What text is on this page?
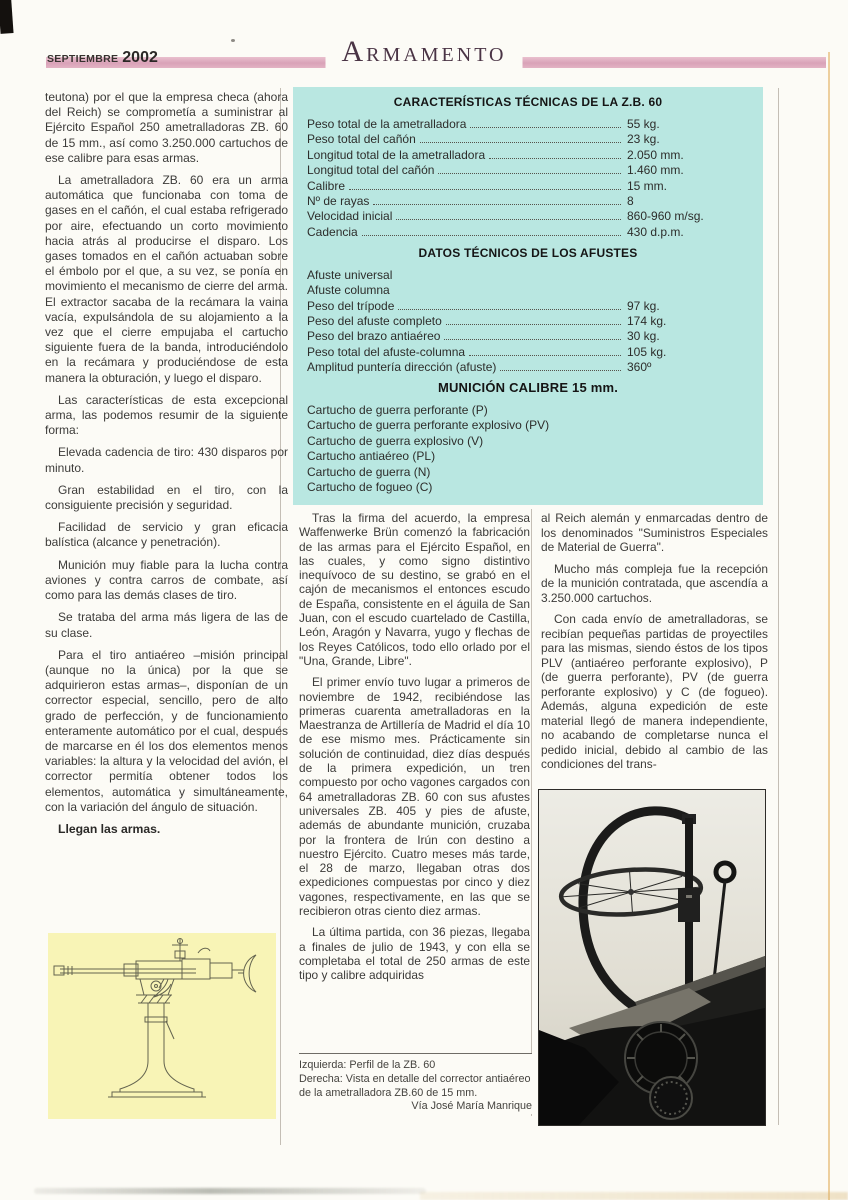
SEPTIEMBRE 2002	ARMAMENTO
CARACTERÍSTICAS TÉCNICAS DE LA Z.B. 60
Peso total de la ametralladora	55 kg.
Peso total del cañón	23 kg.
Longitud total de la ametralladora	2.050 mm.
Longitud total del cañón	1.460 mm.
Calibre	15 mm.
Nº de rayas	8
Velocidad inicial	860-960 m/sg.
Cadencia	430 d.p.m.
DATOS TÉCNICOS DE LOS AFUSTES
Afuste universal
Afuste columna
Peso del trípode	97 kg.
Peso del afuste completo	174 kg.
Peso del brazo antiaéreo	30 kg.
Peso total del afuste-columna	105 kg.
Amplitud puntería dirección (afuste)	360º
MUNICIÓN CALIBRE 15 mm.
Cartucho de guerra perforante (P)
Cartucho de guerra perforante explosivo (PV)
Cartucho de guerra explosivo (V)
Cartucho antiaéreo (PL)
Cartucho de guerra (N)
Cartucho de fogueo (C)

teutona) por el que la empresa checa (ahora del Reich) se comprometía a suministrar al Ejército Español 250 ametralladoras ZB. 60 de 15 mm., así como 3.250.000 cartuchos de ese calibre para esas armas.

La ametralladora ZB. 60 era un arma automática que funcionaba con toma de gases en el cañón, el cual estaba refrigerado por aire, efectuando un corto movimiento hacia atrás al producirse el disparo. Los gases tomados en el cañón actuaban sobre el émbolo por el que, a su vez, se ponía en movimiento el mecanismo de cierre del arma. El extractor sacaba de la recámara la vaina vacía, expulsándola de su alojamiento a la vez que el cierre empujaba el cartucho siguiente fuera de la banda, introduciéndolo en la recámara y produciéndose de esta manera la obturación, y luego el disparo.

Las características de esta excepcional arma, las podemos resumir de la siguiente forma:

Elevada cadencia de tiro: 430 disparos por minuto.

Gran estabilidad en el tiro, con la consiguiente precisión y seguridad.

Facilidad de servicio y gran eficacia balística (alcance y penetración).

Munición muy fiable para la lucha contra aviones y contra carros de combate, así como para las demás clases de tiro.

Se trataba del arma más ligera de las de su clase.

Para el tiro antiaéreo –misión principal (aunque no la única) por la que se adquirieron estas armas–, disponían de un corrector especial, sencillo, pero de alto grado de perfección, y de funcionamiento enteramente automático por el cual, después de marcarse en él los dos elementos menos variables: la altura y la velocidad del avión, el corrector permitía obtener todos los elementos, automática y simultáneamente, con la variación del ángulo de situación.

Llegan las armas.

Tras la firma del acuerdo, la empresa Waffenwerke Brün comenzó la fabricación de las armas para el Ejército Español, en las cuales, y como signo distintivo inequívoco de su destino, se grabó en el cajón de mecanismos el entonces escudo de España, consistente en el águila de San Juan, con el escudo cuartelado de Castilla, León, Aragón y Navarra, yugo y flechas de los Reyes Católicos, todo ello orlado por el "Una, Grande, Libre".

El primer envío tuvo lugar a primeros de noviembre de 1942, recibiéndose las primeras cuarenta ametralladoras en la Maestranza de Artillería de Madrid el día 10 de ese mismo mes. Prácticamente sin solución de continuidad, diez días después de la primera expedición, un tren compuesto por ocho vagones cargados con 64 ametralladoras ZB. 60 con sus afustes universales ZB. 405 y pies de afuste, además de abundante munición, cruzaba por la frontera de Irún con destino a nuestro Ejército. Cuatro meses más tarde, el 28 de marzo, llegaban otras dos expediciones compuestas por cinco y diez vagones, respectivamente, en las que se recibieron otras ciento diez armas.

La última partida, con 36 piezas, llegaba a finales de julio de 1943, y con ella se completaba el total de 250 armas de este tipo y calibre adquiridas

Izquierda: Perfil de la ZB. 60
Derecha: Vista en detalle del corrector antiaéreo de la ametralladora ZB.60 de 15 mm.
Vía José María Manrique

al Reich alemán y enmarcadas dentro de los denominados "Suministros Especiales de Material de Guerra".

Mucho más compleja fue la recepción de la munición contratada, que ascendía a 3.250.000 cartuchos.

Con cada envío de ametralladoras, se recibían pequeñas partidas de proyectiles para las mismas, siendo éstos de los tipos PLV (antiaéreo perforante explosivo), P (de guerra perforante), PV (de guerra perforante explosivo) y C (de fogueo). Además, alguna expedición de este material llegó de manera independiente, no acabando de completarse nunca el pedido inicial, debido al cambio de las condiciones del trans-
